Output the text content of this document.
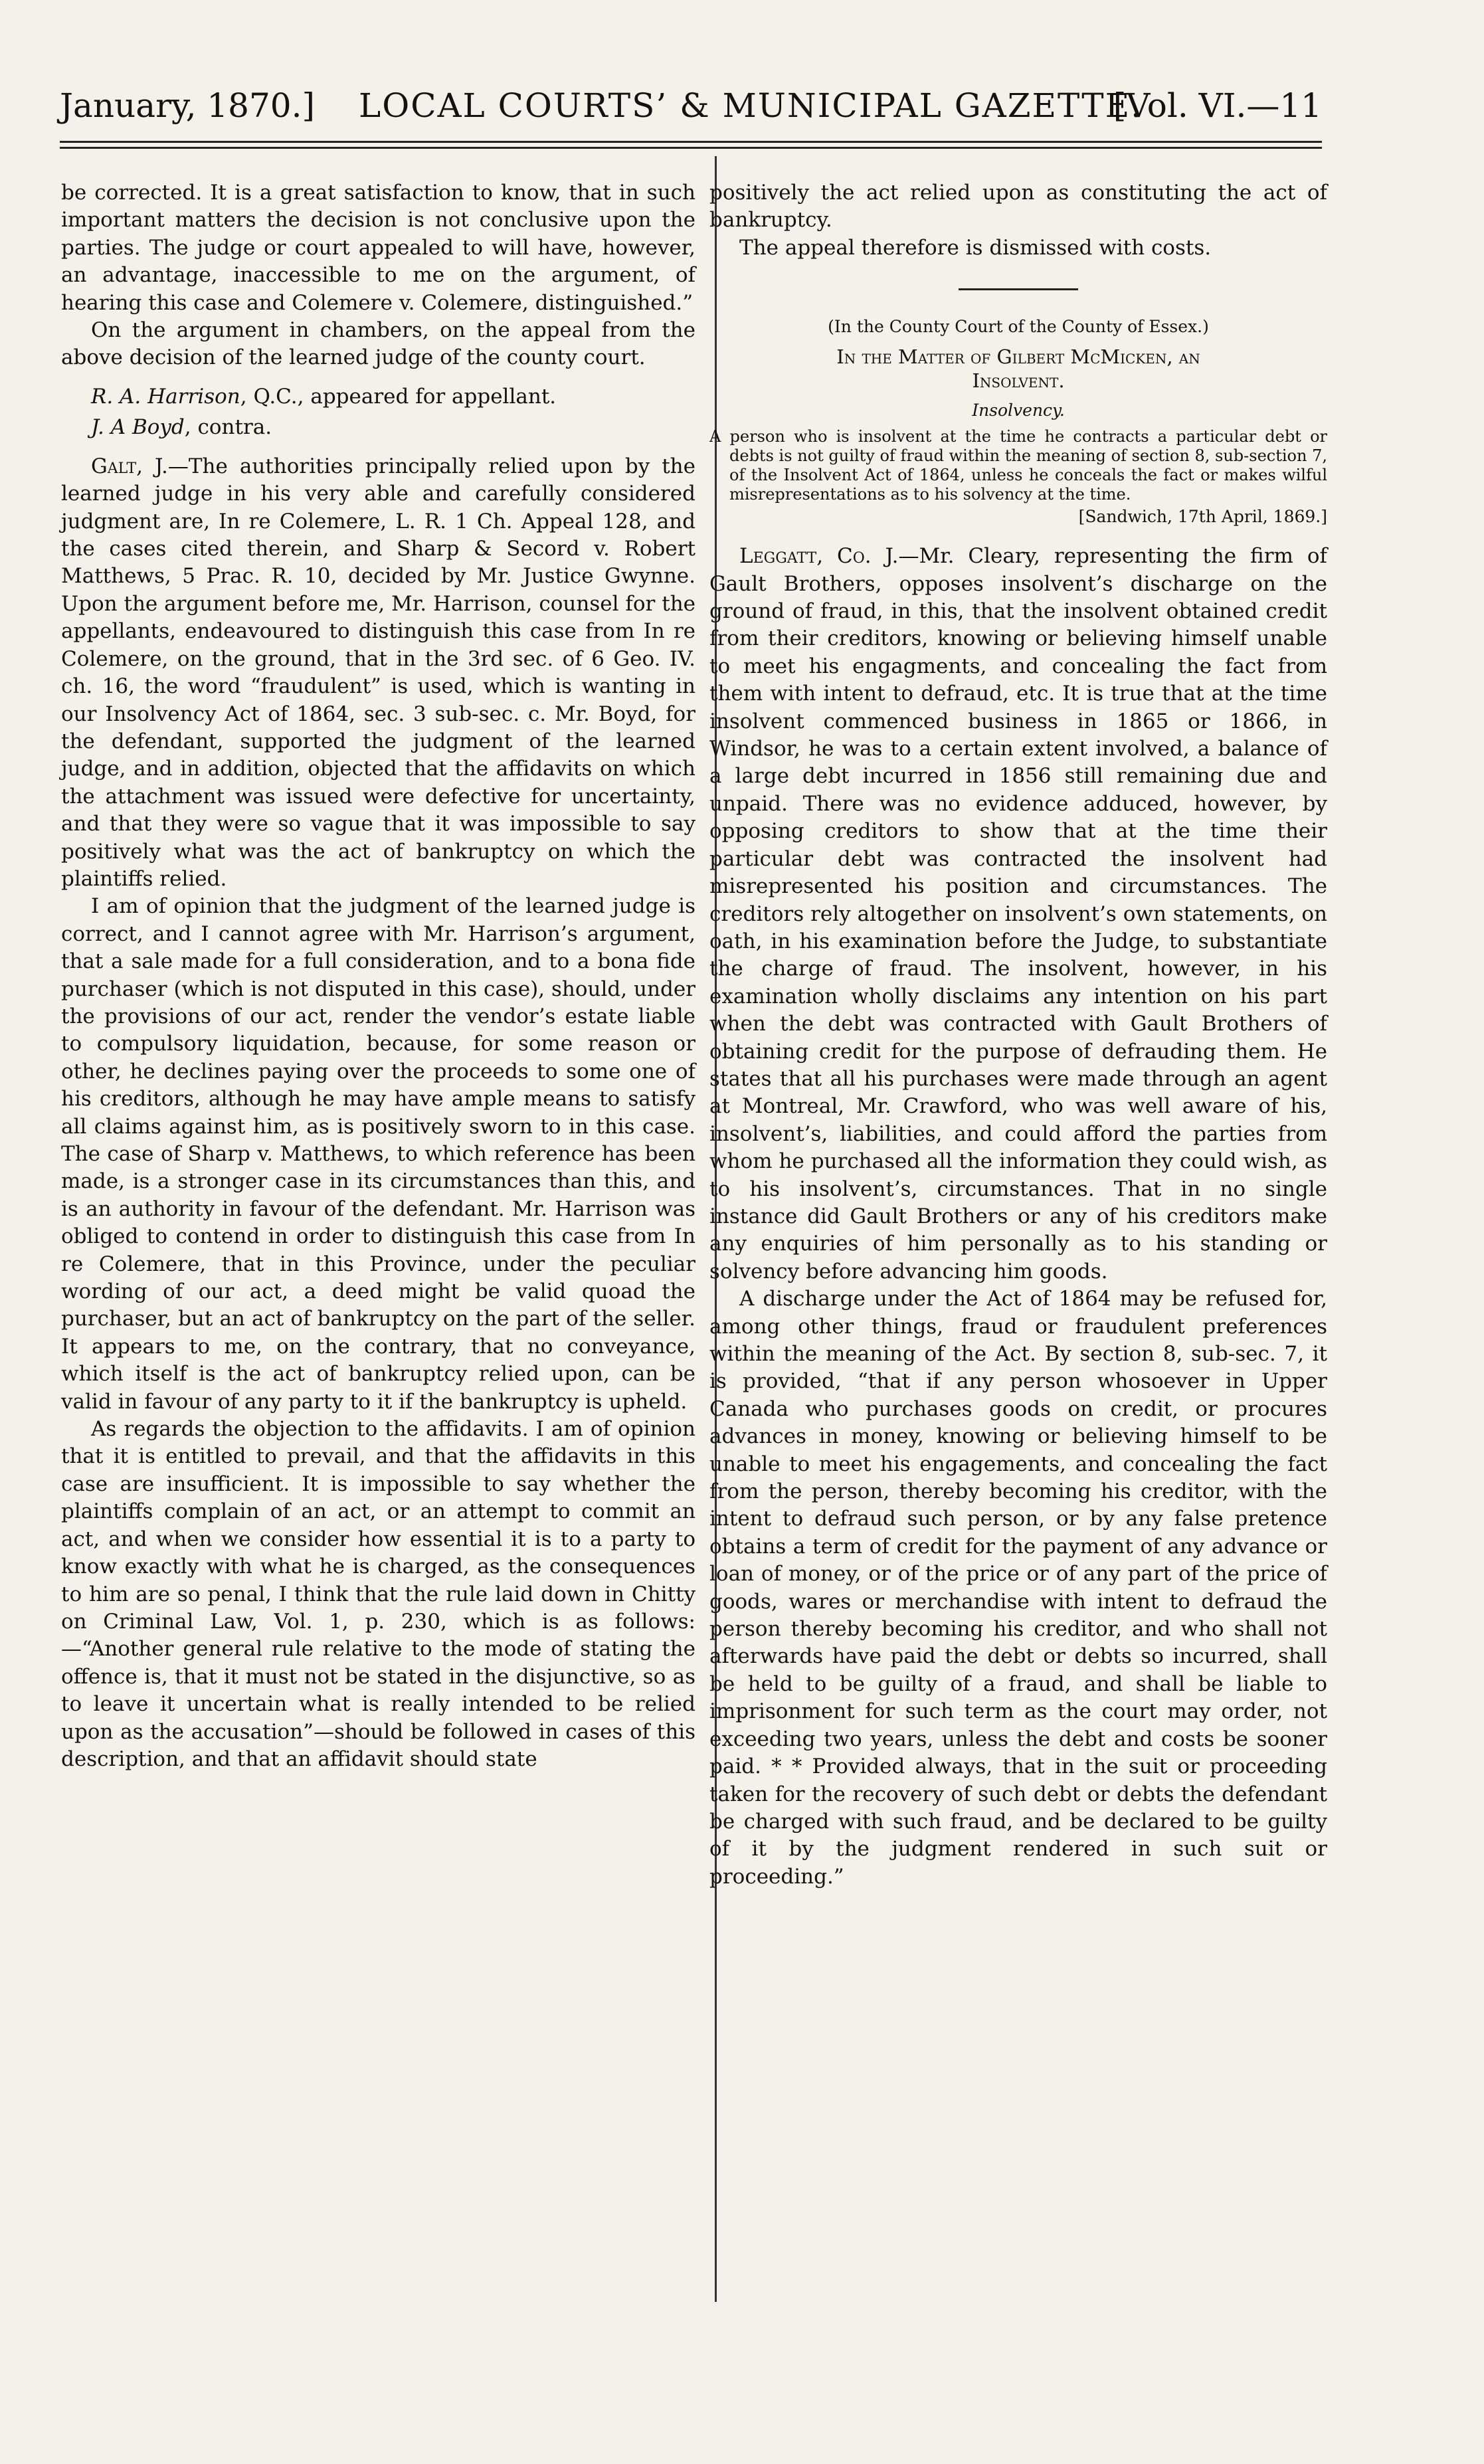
January, 1870.] LOCAL COURTS’ & MUNICIPAL GAZETTE.
[Vol. VI.—11

be corrected. It is a great satisfaction to know, that in such important matters the decision is not conclusive upon the parties. The judge or court appealed to will have, however, an advantage, inaccessible to me on the argument, of hearing this case and Colemere v. Colemere, distinguished.”

On the argument in chambers, on the appeal from the above decision of the learned judge of the county court.

R. A. Harrison, Q.C., appeared for appellant.

J. A Boyd, contra.

Galt, J.—The authorities principally relied upon by the learned judge in his very able and carefully considered judgment are, In re Colemere, L. R. 1 Ch. Appeal 128, and the cases cited therein, and Sharp & Secord v. Robert Matthews, 5 Prac. R. 10, decided by Mr. Justice Gwynne. Upon the argument before me, Mr. Harrison, counsel for the appellants, endeavoured to distinguish this case from In re Colemere, on the ground, that in the 3rd sec. of 6 Geo. IV. ch. 16, the word “fraudulent” is used, which is wanting in our Insolvency Act of 1864, sec. 3 sub-sec. c. Mr. Boyd, for the defendant, supported the judgment of the learned judge, and in addition, objected that the affidavits on which the attachment was issued were defective for uncertainty, and that they were so vague that it was impossible to say positively what was the act of bankruptcy on which the plaintiffs relied.

I am of opinion that the judgment of the learned judge is correct, and I cannot agree with Mr. Harrison’s argument, that a sale made for a full consideration, and to a bona fide purchaser (which is not disputed in this case), should, under the provisions of our act, render the vendor’s estate liable to compulsory liquidation, because, for some reason or other, he declines paying over the proceeds to some one of his creditors, although he may have ample means to satisfy all claims against him, as is positively sworn to in this case. The case of Sharp v. Matthews, to which reference has been made, is a stronger case in its circumstances than this, and is an authority in favour of the defendant. Mr. Harrison was obliged to contend in order to distinguish this case from In re Colemere, that in this Province, under the peculiar wording of our act, a deed might be valid quoad the purchaser, but an act of bankruptcy on the part of the seller. It appears to me, on the contrary, that no conveyance, which itself is the act of bankruptcy relied upon, can be valid in favour of any party to it if the bankruptcy is upheld.

As regards the objection to the affidavits. I am of opinion that it is entitled to prevail, and that the affidavits in this case are insufficient. It is impossible to say whether the plaintiffs complain of an act, or an attempt to commit an act, and when we consider how essential it is to a party to know exactly with what he is charged, as the consequences to him are so penal, I think that the rule laid down in Chitty on Criminal Law, Vol. 1, p. 230, which is as follows:—“Another general rule relative to the mode of stating the offence is, that it must not be stated in the disjunctive, so as to leave it uncertain what is really intended to be relied upon as the accusation”—should be followed in cases of this description, and that an affidavit should state

positively the act relied upon as constituting the act of bankruptcy.

The appeal therefore is dismissed with costs.

(In the County Court of the County of Essex.)

In the Matter of Gilbert McMicken, an

Insolvent.

Insolvency.

A person who is insolvent at the time he contracts a particular debt or debts is not guilty of fraud within the meaning of section 8, sub-section 7, of the Insolvent Act of 1864, unless he conceals the fact or makes wilful misrepresentations as to his solvency at the time.

[Sandwich, 17th April, 1869.]

Leggatt, Co. J.—Mr. Cleary, representing the firm of Gault Brothers, opposes insolvent’s discharge on the ground of fraud, in this, that the insolvent obtained credit from their creditors, knowing or believing himself unable to meet his engagments, and concealing the fact from them with intent to defraud, etc. It is true that at the time insolvent commenced business in 1865 or 1866, in Windsor, he was to a certain extent involved, a balance of a large debt incurred in 1856 still remaining due and unpaid. There was no evidence adduced, however, by opposing creditors to show that at the time their particular debt was contracted the insolvent had misrepresented his position and circumstances. The creditors rely altogether on insolvent’s own statements, on oath, in his examination before the Judge, to substantiate the charge of fraud. The insolvent, however, in his examination wholly disclaims any intention on his part when the debt was contracted with Gault Brothers of obtaining credit for the purpose of defrauding them. He states that all his purchases were made through an agent at Montreal, Mr. Crawford, who was well aware of his, insolvent’s, liabilities, and could afford the parties from whom he purchased all the information they could wish, as to his insolvent’s, circumstances. That in no single instance did Gault Brothers or any of his creditors make any enquiries of him personally as to his standing or solvency before advancing him goods.

A discharge under the Act of 1864 may be refused for, among other things, fraud or fraudulent preferences within the meaning of the Act. By section 8, sub-sec. 7, it is provided, “that if any person whosoever in Upper Canada who purchases goods on credit, or procures advances in money, knowing or believing himself to be unable to meet his engagements, and concealing the fact from the person, thereby becoming his creditor, with the intent to defraud such person, or by any false pretence obtains a term of credit for the payment of any advance or loan of money, or of the price or of any part of the price of goods, wares or merchandise with intent to defraud the person thereby becoming his creditor, and who shall not afterwards have paid the debt or debts so incurred, shall be held to be guilty of a fraud, and shall be liable to imprisonment for such term as the court may order, not exceeding two years, unless the debt and costs be sooner paid. * * Provided always, that in the suit or proceeding taken for the recovery of such debt or debts the defendant be charged with such fraud, and be declared to be guilty of it by the judgment rendered in such suit or proceeding.”
